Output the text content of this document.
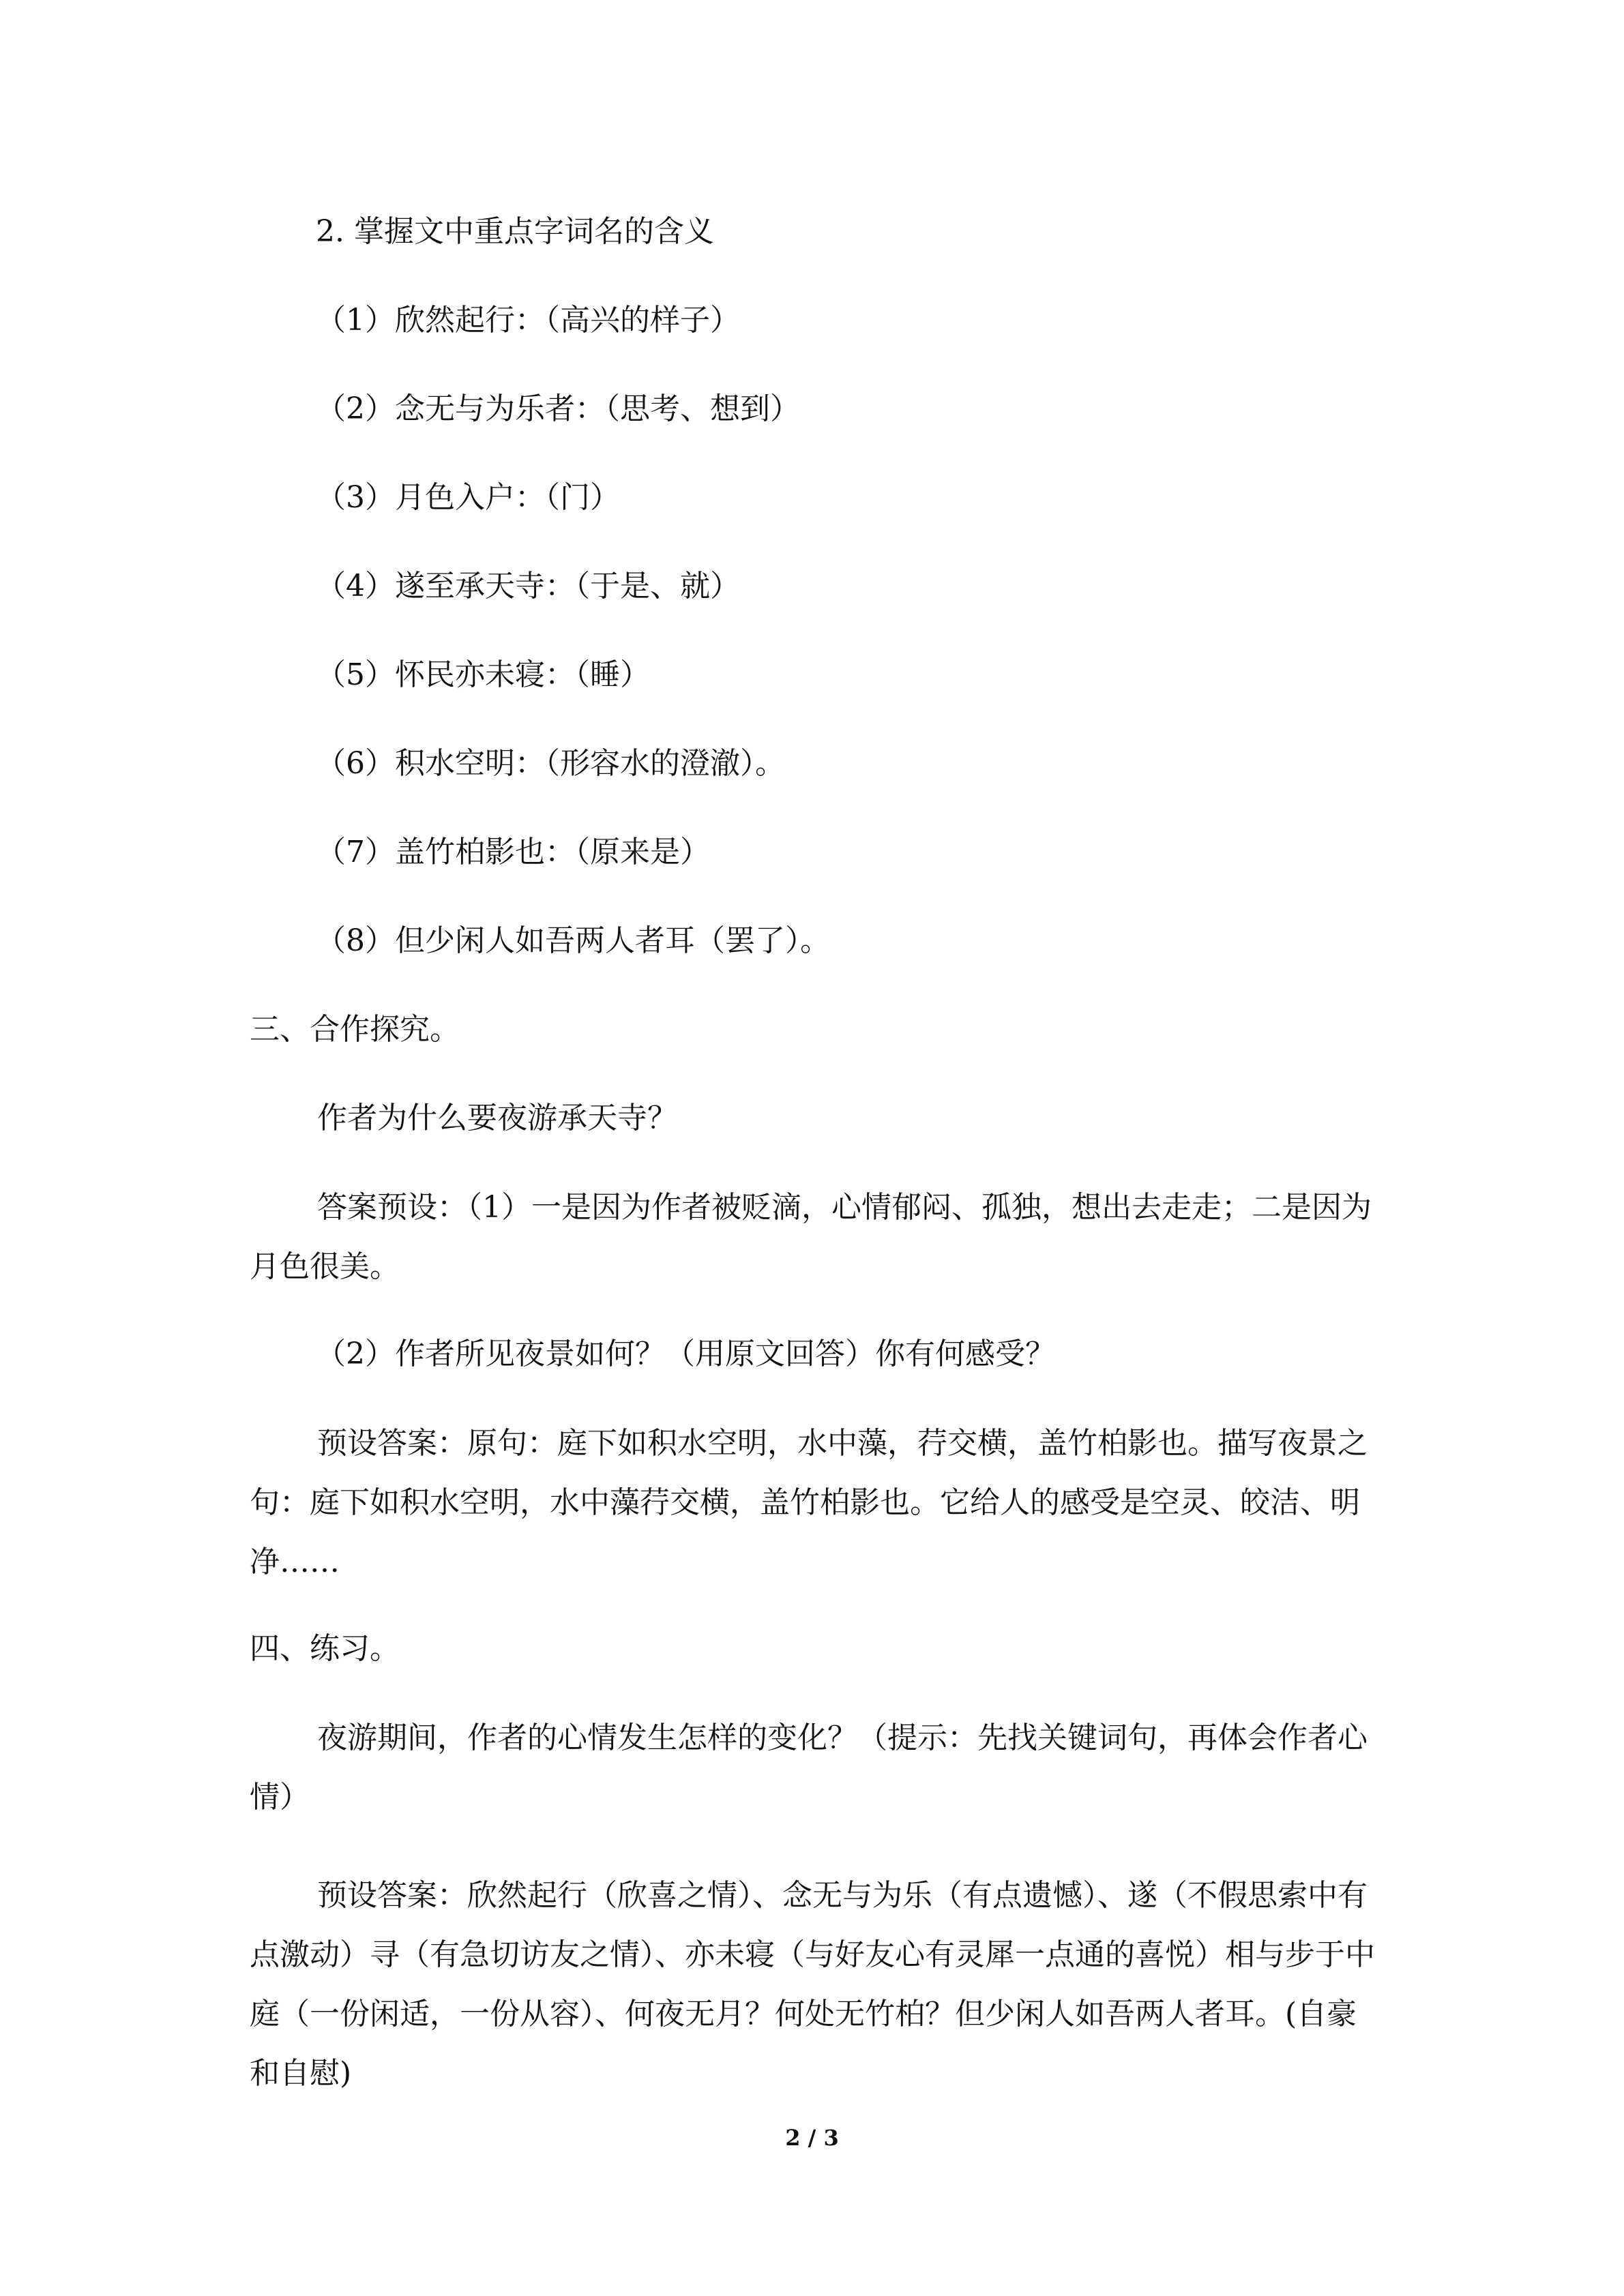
2. 掌握文中重点字词名的含义
（1）欣然起行：（高兴的样子）
（2）念无与为乐者：（思考、想到）
（3）月色入户：（门）
（4）遂至承天寺：（于是、就）
（5）怀民亦未寝：（睡）
（6）积水空明：（形容水的澄澈）。
（7）盖竹柏影也：（原来是）
（8）但少闲人如吾两人者耳（罢了）。
三、合作探究。
作者为什么要夜游承天寺？
答案预设：（1）一是因为作者被贬滴，心情郁闷、孤独，想出去走走；二是因为月色很美。
（2）作者所见夜景如何？（用原文回答）你有何感受？
预设答案：原句：庭下如积水空明，水中藻，荇交横，盖竹柏影也。描写夜景之句：庭下如积水空明，水中藻荇交横，盖竹柏影也。它给人的感受是空灵、皎洁、明净……
四、练习。
夜游期间，作者的心情发生怎样的变化？（提示：先找关键词句，再体会作者心情）
预设答案：欣然起行（欣喜之情）、念无与为乐（有点遗憾）、遂（不假思索中有点激动）寻（有急切访友之情）、亦未寝（与好友心有灵犀一点通的喜悦）相与步于中庭（一份闲适，一份从容）、何夜无月？何处无竹柏？但少闲人如吾两人者耳。(自豪和自慰)
2 / 3
